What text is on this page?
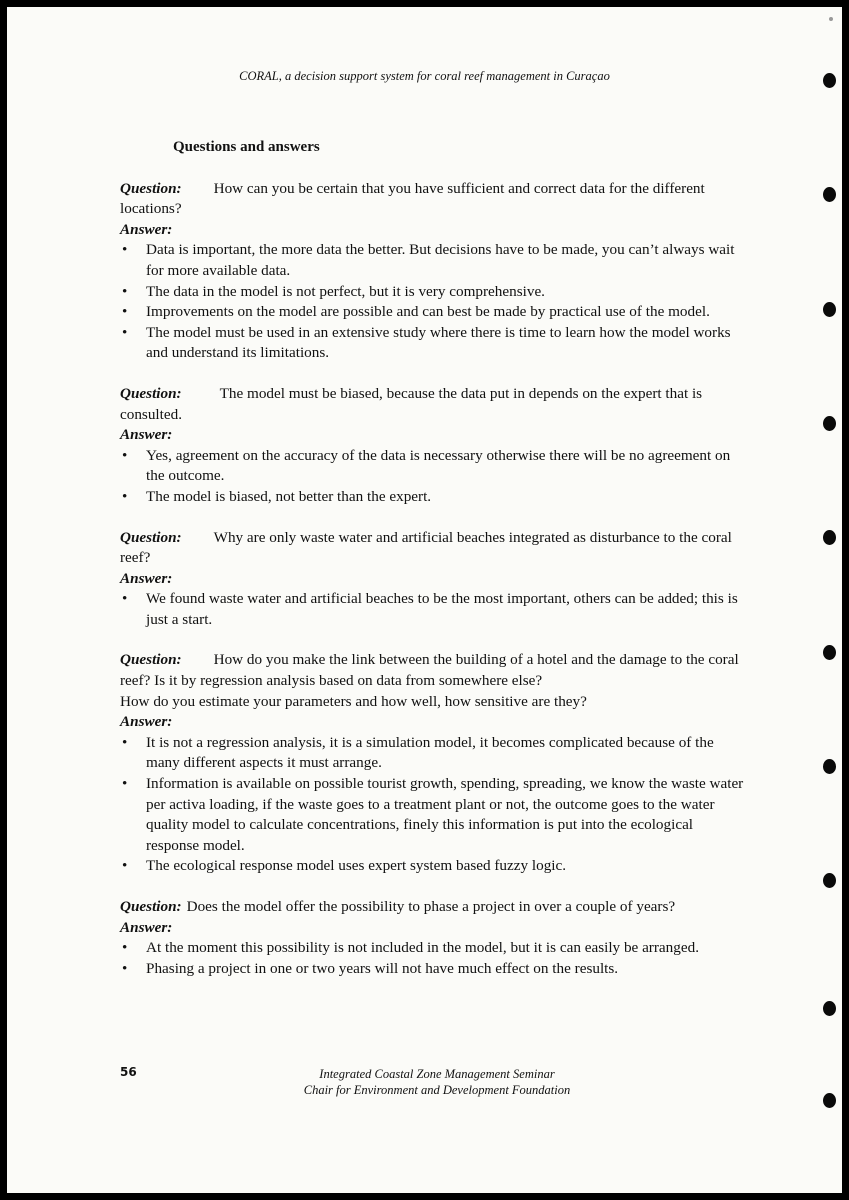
CORAL, a decision support system for coral reef management in Curaçao
Questions and answers
Question: How can you be certain that you have sufficient and correct data for the different locations?
Answer:
• Data is important, the more data the better. But decisions have to be made, you can’t always wait for more available data.
• The data in the model is not perfect, but it is very comprehensive.
• Improvements on the model are possible and can best be made by practical use of the model.
• The model must be used in an extensive study where there is time to learn how the model works and understand its limitations.
Question:	The model must be biased, because the data put in depends on the expert that is consulted.
Answer:
• Yes, agreement on the accuracy of the data is necessary otherwise there will be no agreement on the outcome.
• The model is biased, not better than the expert.
Question: Why are only waste water and artificial beaches integrated as disturbance to the coral reef?
Answer:
• We found waste water and artificial beaches to be the most important, others can be added; this is just a start.
Question: How do you make the link between the building of a hotel and the damage to the coral reef? Is it by regression analysis based on data from somewhere else?
How do you estimate your parameters and how well, how sensitive are they?
Answer:
• It is not a regression analysis, it is a simulation model, it becomes complicated because of the many different aspects it must arrange.
• Information is available on possible tourist growth, spending, spreading, we know the waste water per activa loading, if the waste goes to a treatment plant or not, the outcome goes to the water quality model to calculate concentrations, finely this information is put into the ecological response model.
• The ecological response model uses expert system based fuzzy logic.
Question: Does the model offer the possibility to phase a project in over a couple of years?
Answer:
• At the moment this possibility is not included in the model, but it is can easily be arranged.
• Phasing a project in one or two years will not have much effect on the results.
56	Integrated Coastal Zone Management Seminar
Chair for Environment and Development Foundation
